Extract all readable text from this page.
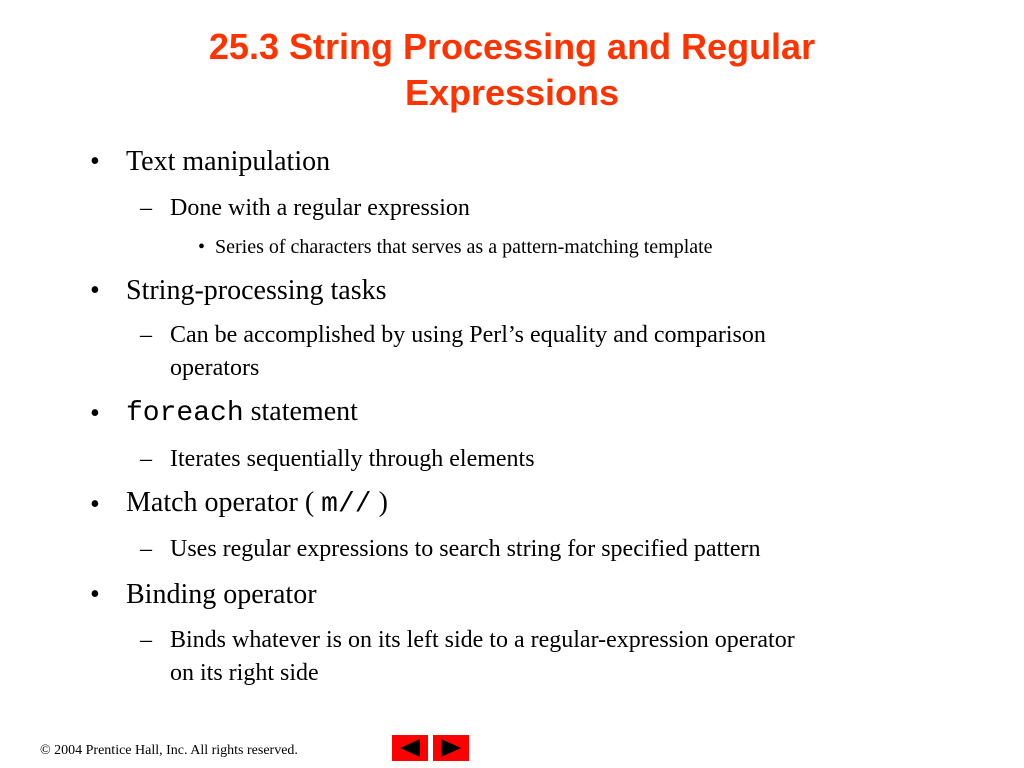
25.3 String Processing and Regular
Expressions
• Text manipulation

– Done with a regular expression

• Series of characters that serves as a pattern-matching template

• String-processing tasks

– Can be accomplished by using Perl’s equality and comparison
operators

• foreach statement

– Iterates sequentially through elements

• Match operator ( m// )

– Uses regular expressions to search string for specified pattern

• Binding operator

– Binds whatever is on its left side to a regular-expression operator
on its right side

© 2004 Prentice Hall, Inc. All rights reserved.
